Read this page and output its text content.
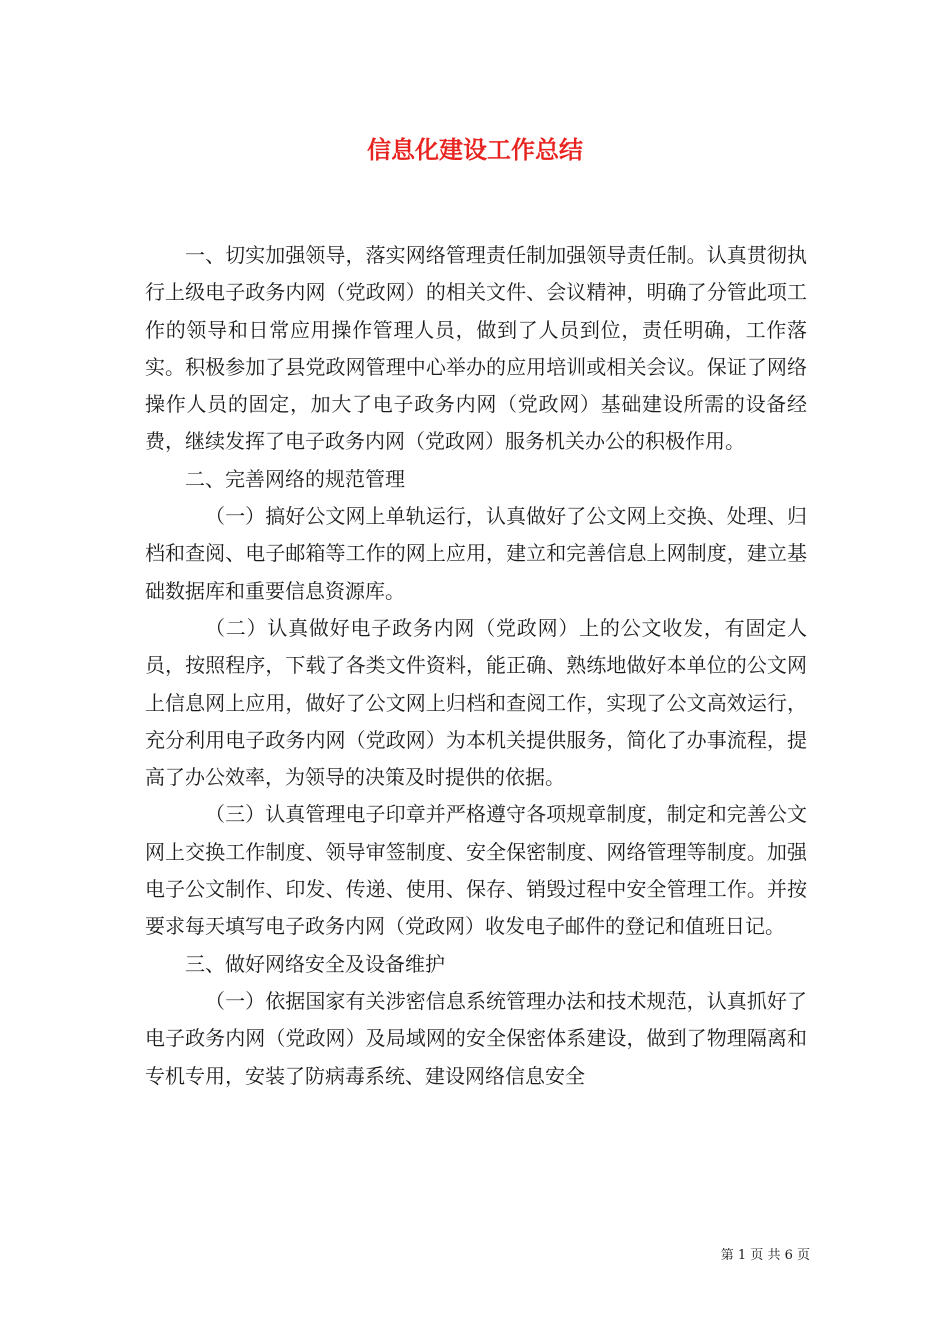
信息化建设工作总结

一、切实加强领导，落实网络管理责任制加强领导责任制。认真贯彻执行上级电子政务内网（党政网）的相关文件、会议精神，明确了分管此项工作的领导和日常应用操作管理人员，做到了人员到位，责任明确，工作落实。积极参加了县党政网管理中心举办的应用培训或相关会议。保证了网络操作人员的固定，加大了电子政务内网（党政网）基础建设所需的设备经费，继续发挥了电子政务内网（党政网）服务机关办公的积极作用。

二、完善网络的规范管理

（一）搞好公文网上单轨运行，认真做好了公文网上交换、处理、归档和查阅、电子邮箱等工作的网上应用，建立和完善信息上网制度，建立基础数据库和重要信息资源库。

（二）认真做好电子政务内网（党政网）上的公文收发，有固定人员，按照程序，下载了各类文件资料，能正确、熟练地做好本单位的公文网上信息网上应用，做好了公文网上归档和查阅工作，实现了公文高效运行，充分利用电子政务内网（党政网）为本机关提供服务，简化了办事流程，提高了办公效率，为领导的决策及时提供的依据。

（三）认真管理电子印章并严格遵守各项规章制度，制定和完善公文网上交换工作制度、领导审签制度、安全保密制度、网络管理等制度。加强电子公文制作、印发、传递、使用、保存、销毁过程中安全管理工作。并按要求每天填写电子政务内网（党政网）收发电子邮件的登记和值班日记。

三、做好网络安全及设备维护

（一）依据国家有关涉密信息系统管理办法和技术规范，认真抓好了电子政务内网（党政网）及局域网的安全保密体系建设，做到了物理隔离和专机专用，安装了防病毒系统、建设网络信息安全

第 1 页 共 6 页
